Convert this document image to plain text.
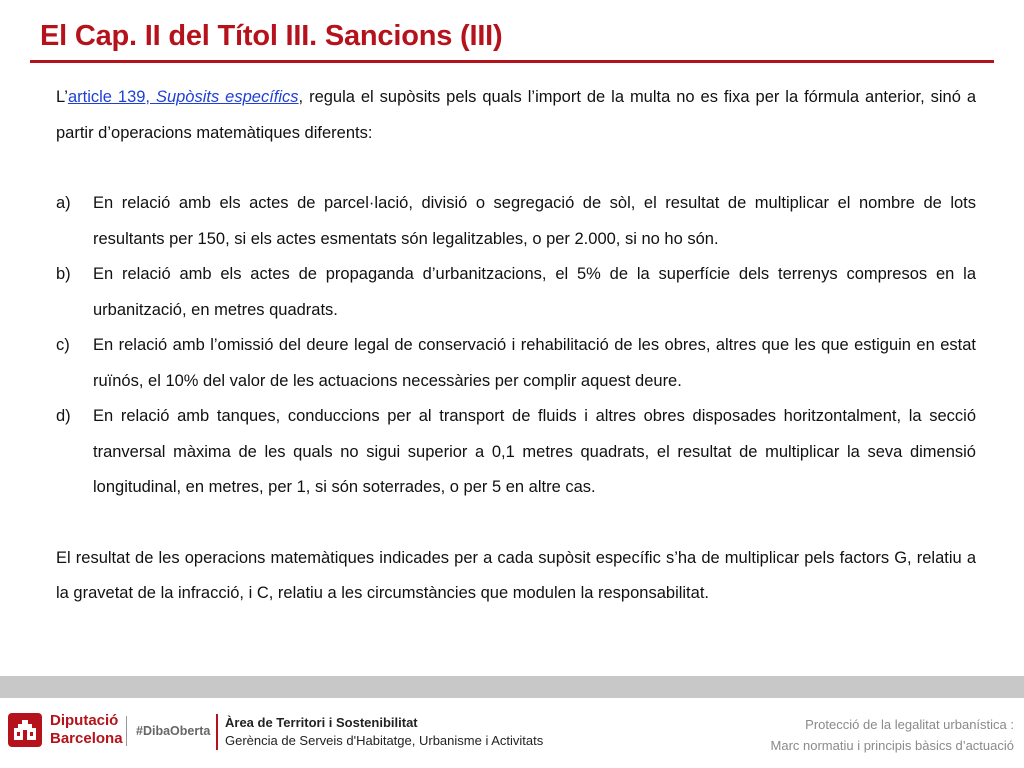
El Cap. II del Títol III. Sancions (III)

L’article 139, Supòsits específics, regula el supòsits pels quals l’import de la multa no es fixa per la fórmula anterior, sinó a partir d’operacions matemàtiques diferents:

a) En relació amb els actes de parcel·lació, divisió o segregació de sòl, el resultat de multiplicar el nombre de lots resultants per 150, si els actes esmentats són legalitzables, o per 2.000, si no ho són.
b) En relació amb els actes de propaganda d’urbanitzacions, el 5% de la superfície dels terrenys compresos en la urbanització, en metres quadrats.
c) En relació amb l’omissió del deure legal de conservació i rehabilitació de les obres, altres que les que estiguin en estat ruïnós, el 10% del valor de les actuacions necessàries per complir aquest deure.
d) En relació amb tanques, conduccions per al transport de fluids i altres obres disposades horitzontalment, la secció tranversal màxima de les quals no sigui superior a 0,1 metres quadrats, el resultat de multiplicar la seva dimensió longitudinal, en metres, per 1, si són soterrades, o per 5 en altre cas.

El resultat de les operacions matemàtiques indicades per a cada supòsit específic s’ha de multiplicar pels factors G, relatiu a la gravetat de la infracció, i C, relatiu a les circumstàncies que modulen la responsabilitat.

Diputació
Barcelona #DibaOberta
Àrea de Territori i Sostenibilitat
Gerència de Serveis d'Habitatge, Urbanisme i Activitats
Protecció de la legalitat urbanística :
Marc normatiu i principis bàsics d’actuació
